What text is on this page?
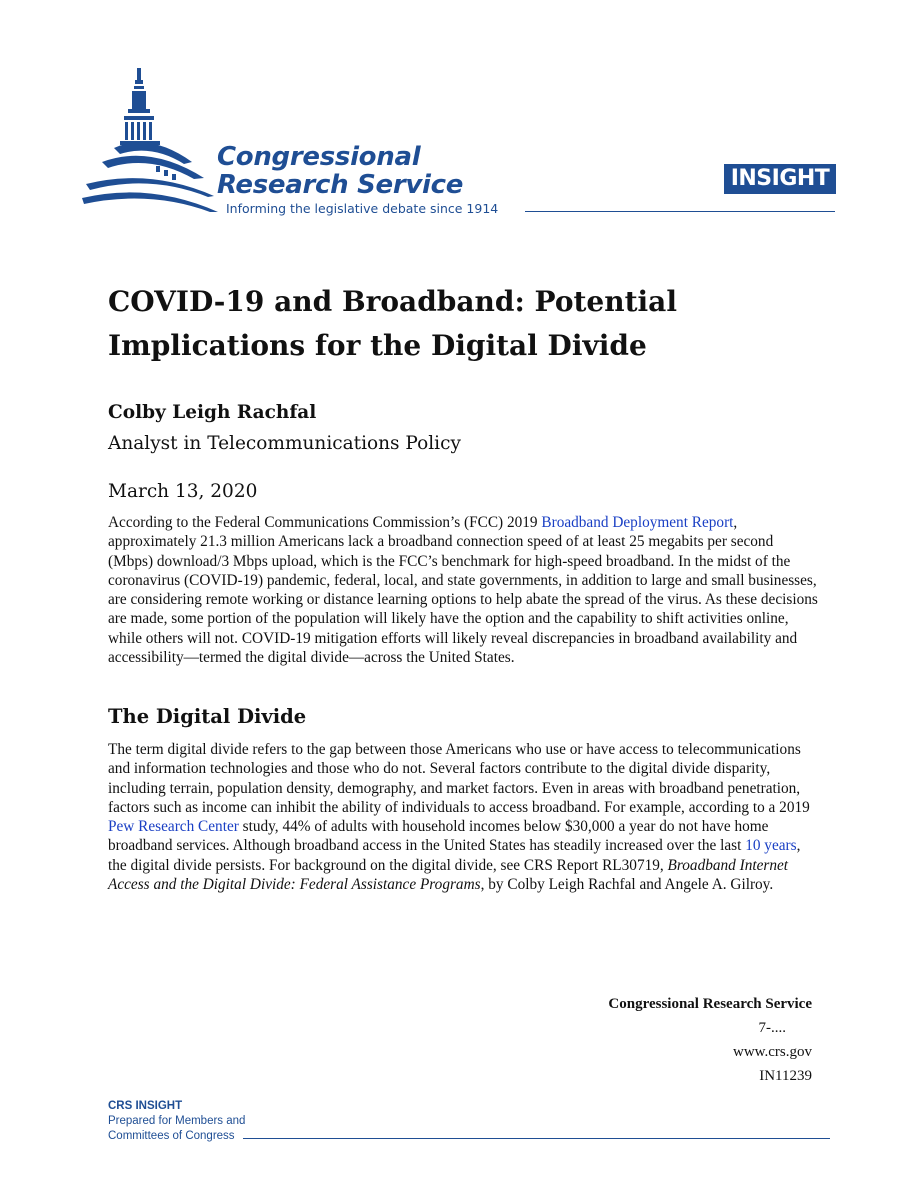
Congressional
Research Service
Informing the legislative debate since 1914
INSIGHT
COVID-19 and Broadband: Potential Implications for the Digital Divide
Colby Leigh Rachfal
Analyst in Telecommunications Policy
March 13, 2020

According to the Federal Communications Commission’s (FCC) 2019 Broadband Deployment Report, approximately 21.3 million Americans lack a broadband connection speed of at least 25 megabits per second (Mbps) download/3 Mbps upload, which is the FCC’s benchmark for high-speed broadband. In the midst of the coronavirus (COVID-19) pandemic, federal, local, and state governments, in addition to large and small businesses, are considering remote working or distance learning options to help abate the spread of the virus. As these decisions are made, some portion of the population will likely have the option and the capability to shift activities online, while others will not. COVID-19 mitigation efforts will likely reveal discrepancies in broadband availability and accessibility—termed the digital divide—across the United States.

The Digital Divide

The term digital divide refers to the gap between those Americans who use or have access to telecommunications and information technologies and those who do not. Several factors contribute to the digital divide disparity, including terrain, population density, demography, and market factors. Even in areas with broadband penetration, factors such as income can inhibit the ability of individuals to access broadband. For example, according to a 2019 Pew Research Center study, 44% of adults with household incomes below $30,000 a year do not have home broadband services. Although broadband access in the United States has steadily increased over the last 10 years, the digital divide persists. For background on the digital divide, see CRS Report RL30719, Broadband Internet Access and the Digital Divide: Federal Assistance Programs, by Colby Leigh Rachfal and Angele A. Gilroy.

Congressional Research Service
7-....
www.crs.gov
IN11239
CRS INSIGHT
Prepared for Members and
Committees of Congress
